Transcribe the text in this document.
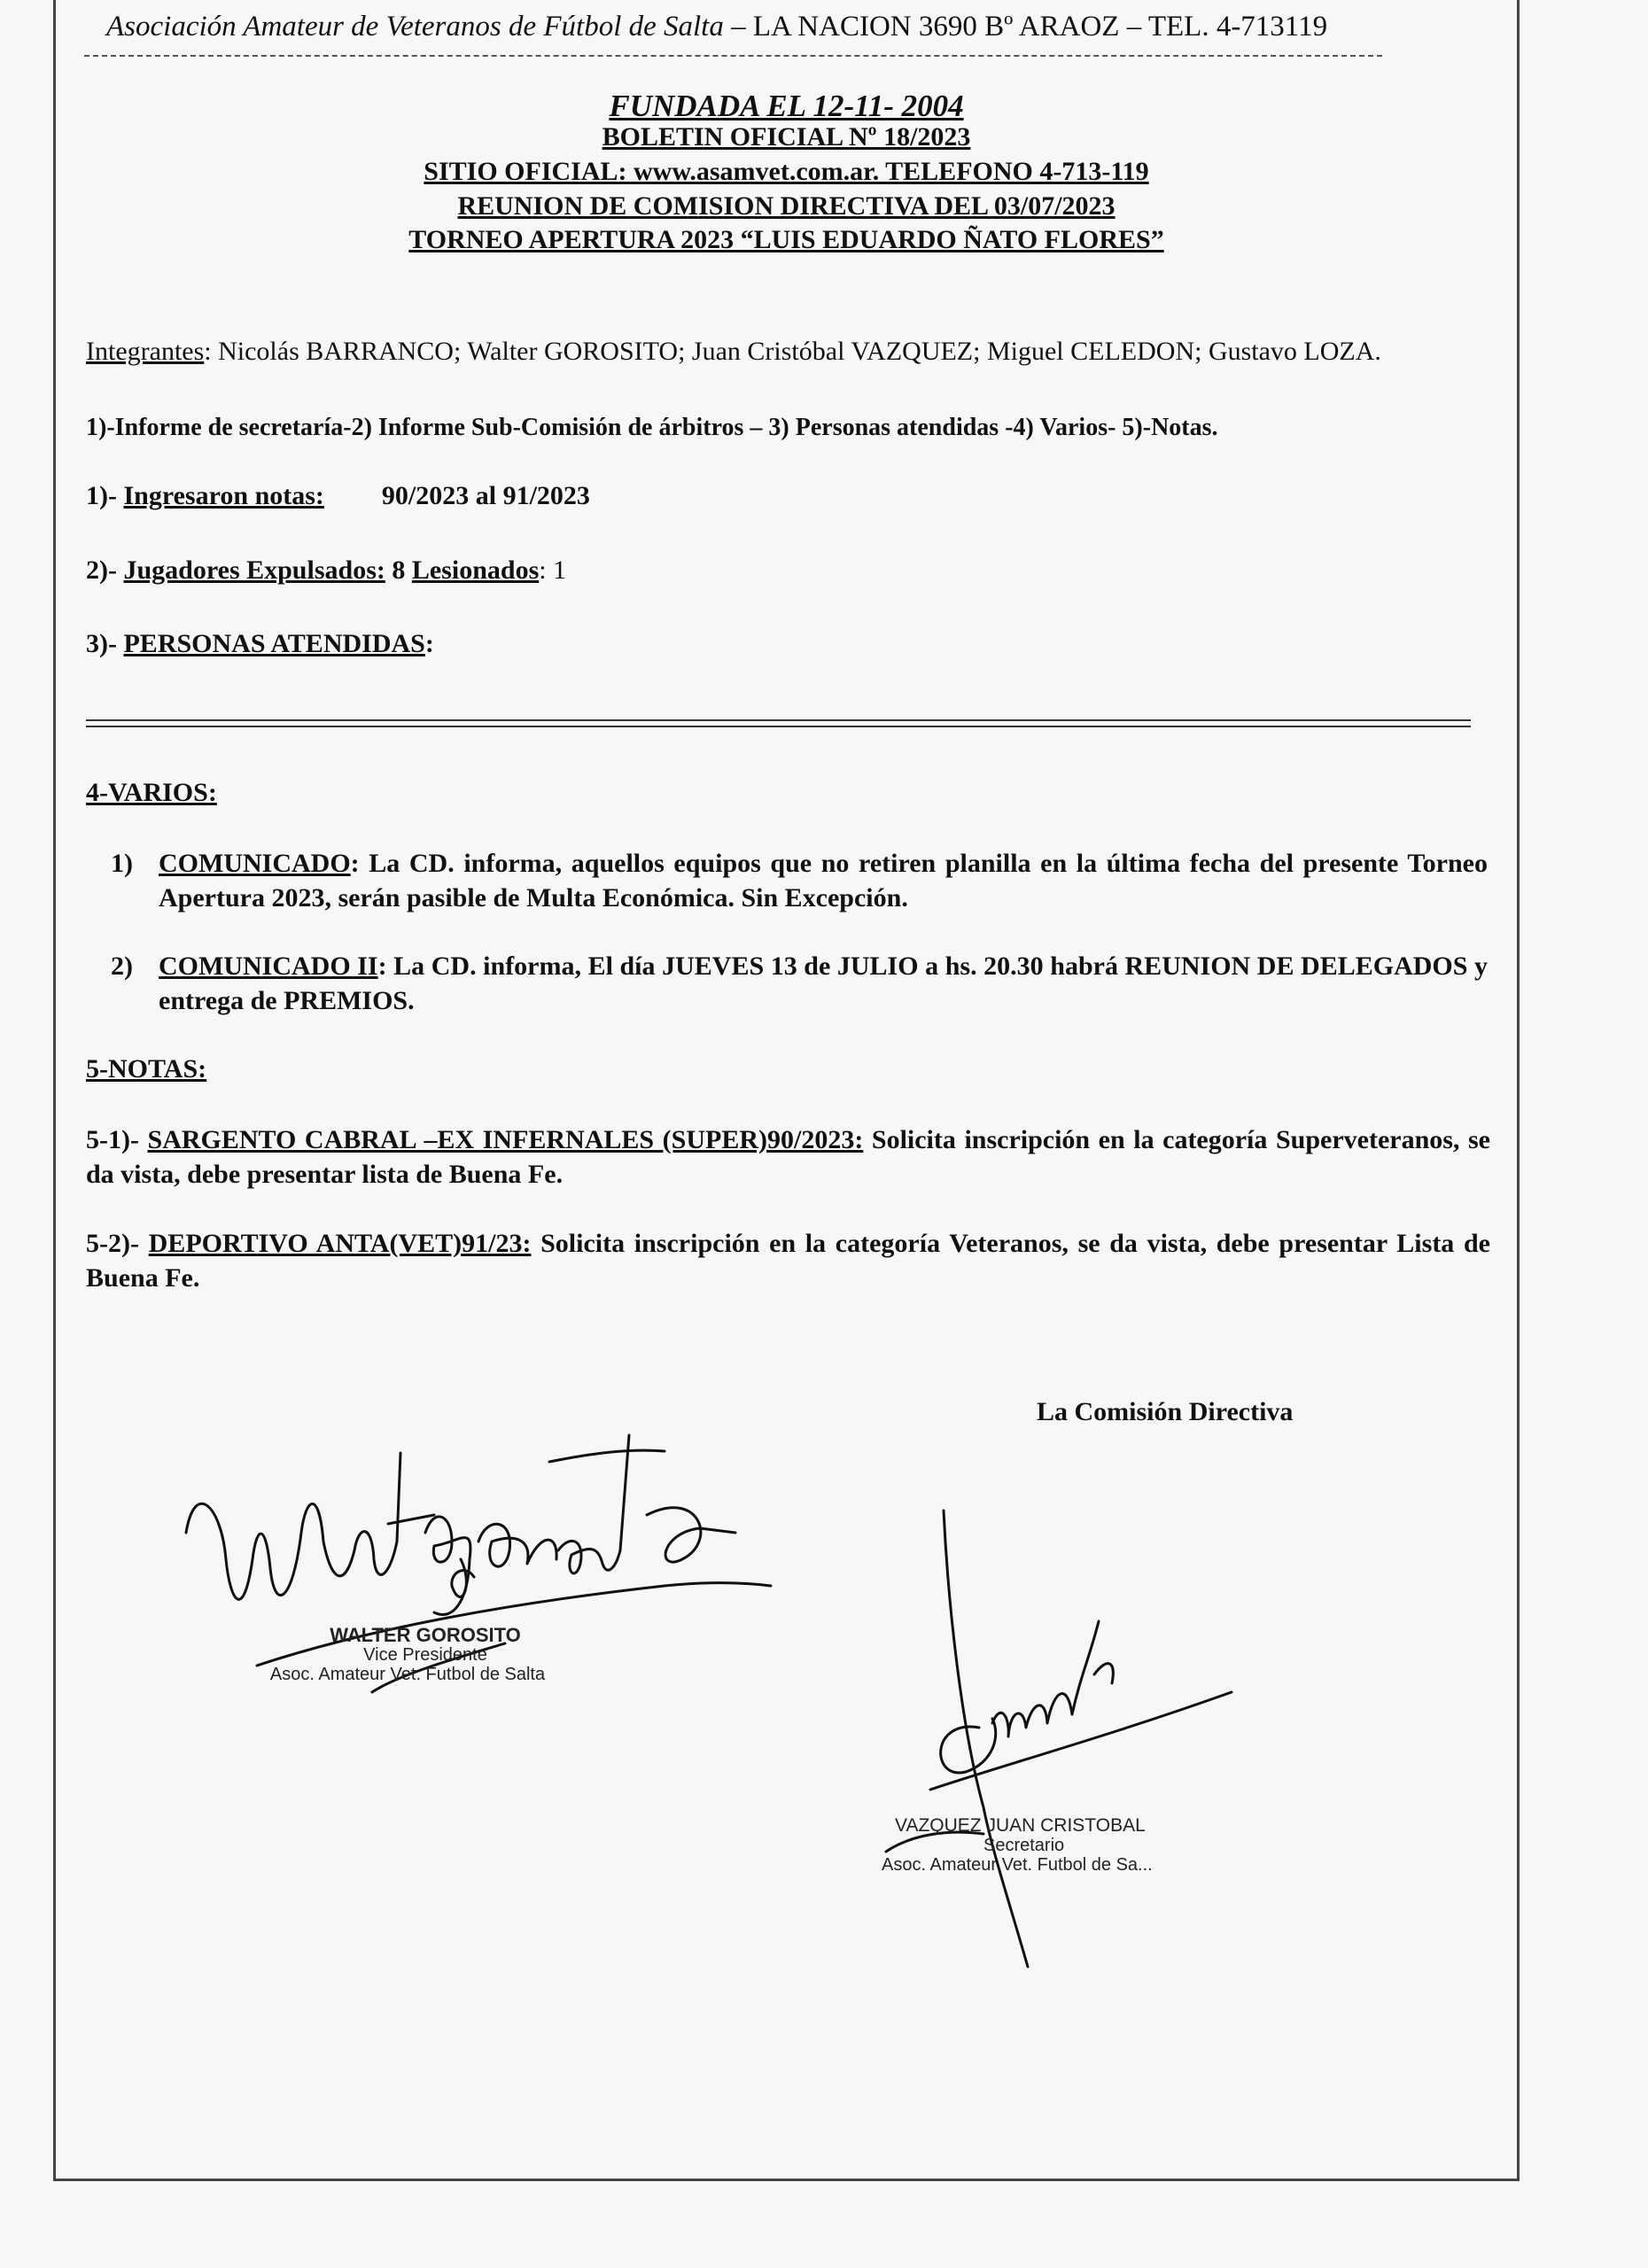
Asociación Amateur de Veteranos de Fútbol de Salta – LA NACION 3690 Bº ARAOZ – TEL. 4-713119
FUNDADA EL 12-11- 2004
BOLETIN OFICIAL Nº 18/2023
SITIO OFICIAL: www.asamvet.com.ar. TELEFONO 4-713-119
REUNION DE COMISION DIRECTIVA DEL 03/07/2023
TORNEO APERTURA 2023 “LUIS EDUARDO ÑATO FLORES”
Integrantes: Nicolás BARRANCO; Walter GOROSITO; Juan Cristóbal VAZQUEZ; Miguel CELEDON; Gustavo LOZA.
1)-Informe de secretaría-2) Informe Sub-Comisión de árbitros – 3) Personas atendidas -4) Varios- 5)-Notas.
1)- Ingresaron notas: 90/2023 al 91/2023
2)- Jugadores Expulsados: 8 Lesionados: 1
3)- PERSONAS ATENDIDAS:
4-VARIOS:
1) COMUNICADO: La CD. informa, aquellos equipos que no retiren planilla en la última fecha del presente Torneo Apertura 2023, serán pasible de Multa Económica. Sin Excepción.
2) COMUNICADO II: La CD. informa, El día JUEVES 13 de JULIO a hs. 20.30 habrá REUNION DE DELEGADOS y entrega de PREMIOS.
5-NOTAS:
5-1)- SARGENTO CABRAL –EX INFERNALES (SUPER)90/2023: Solicita inscripción en la categoría Superveteranos, se da vista, debe presentar lista de Buena Fe.
5-2)- DEPORTIVO ANTA(VET)91/23: Solicita inscripción en la categoría Veteranos, se da vista, debe presentar Lista de Buena Fe.
La Comisión Directiva
WALTER GOROSITO
Vice Presidente
Asoc. Amateur Vet. Futbol de Salta
VAZQUEZ JUAN CRISTOBAL
Secretario
Asoc. Amateur Vet. Futbol de Sa...
